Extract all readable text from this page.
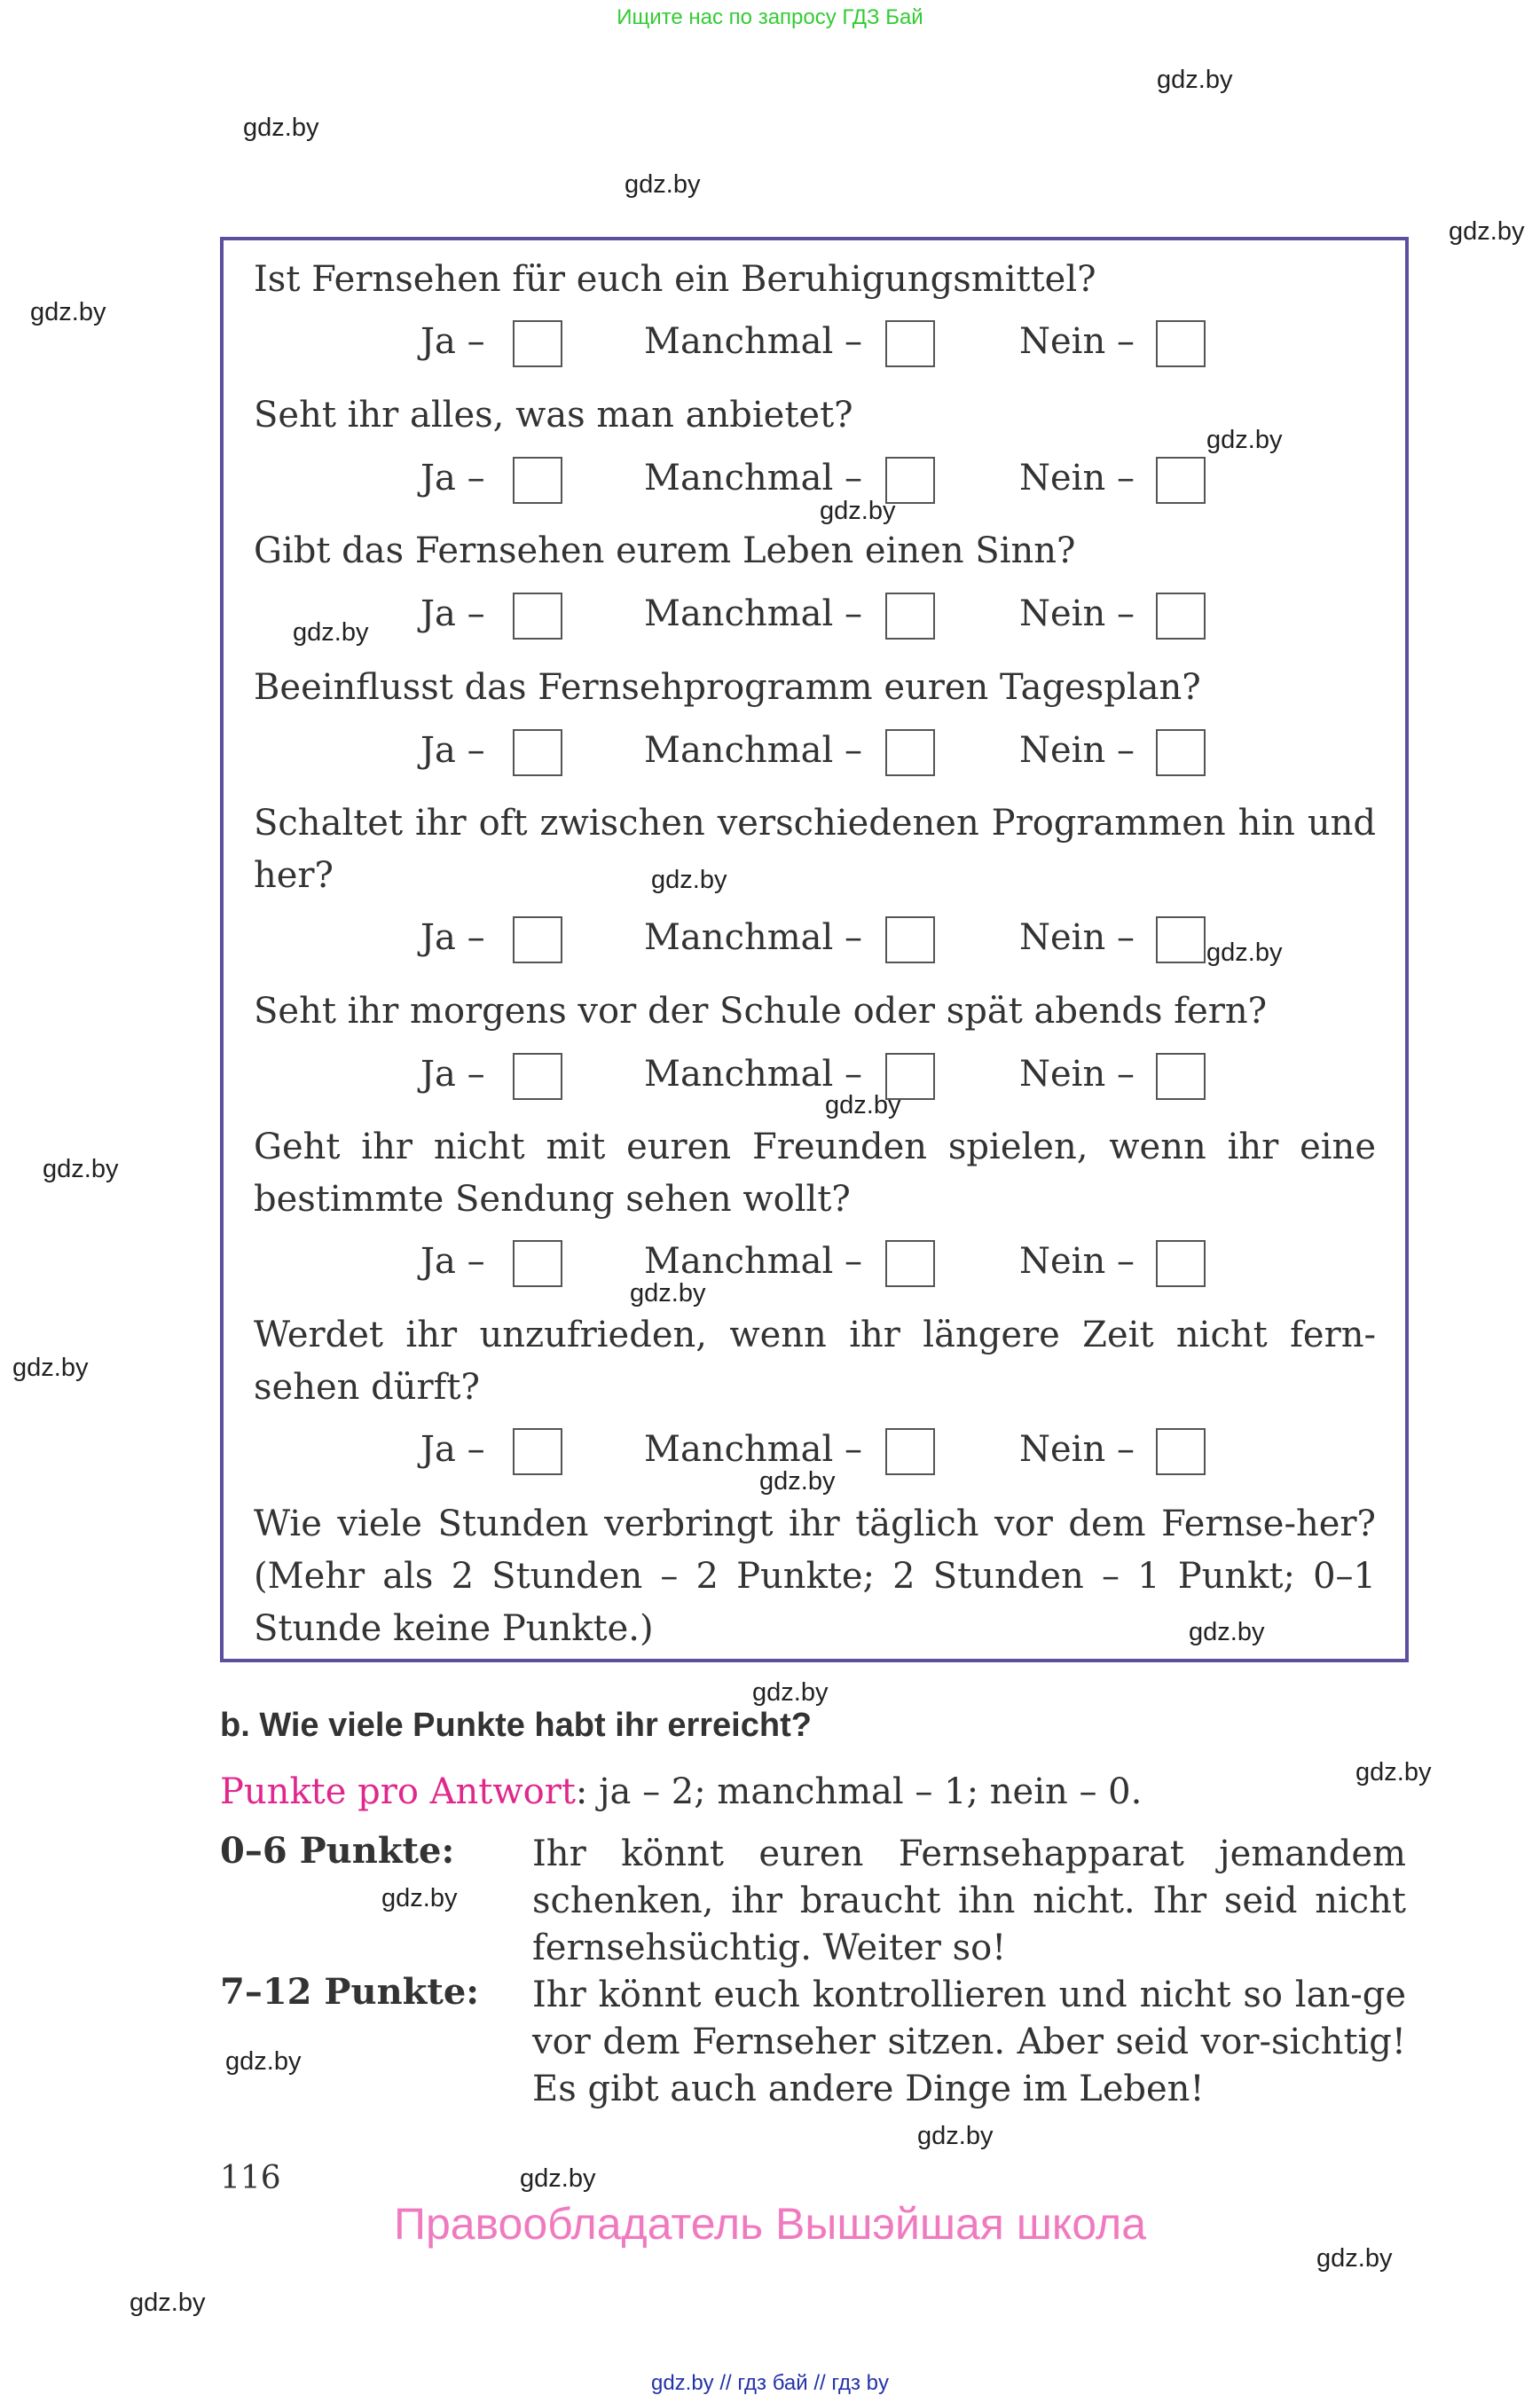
Ищите нас по запросу ГДЗ Бай
Ist Fernsehen für euch ein Beruhigungsmittel?
Ja –	Manchmal –	Nein –
Seht ihr alles, was man anbietet?
Ja –	Manchmal –	Nein –
Gibt das Fernsehen eurem Leben einen Sinn?
Ja –	Manchmal –	Nein –
Beeinflusst das Fernsehprogramm euren Tagesplan?
Ja –	Manchmal –	Nein –
Schaltet ihr oft zwischen verschiedenen Programmen hin und her?
Ja –	Manchmal –	Nein –
Seht ihr morgens vor der Schule oder spät abends fern?
Ja –	Manchmal –	Nein –
Geht ihr nicht mit euren Freunden spielen, wenn ihr eine bestimmte Sendung sehen wollt?
Ja –	Manchmal –	Nein –
Werdet ihr unzufrieden, wenn ihr längere Zeit nicht fern-sehen dürft?
Ja –	Manchmal –	Nein –
Wie viele Stunden verbringt ihr täglich vor dem Fernse-her? (Mehr als 2 Stunden – 2 Punkte; 2 Stunden – 1 Punkt; 0–1 Stunde keine Punkte.)
b. Wie viele Punkte habt ihr erreicht?
Punkte pro Antwort: ja – 2; manchmal – 1; nein – 0.
0–6 Punkte: Ihr könnt euren Fernsehapparat jemandem schenken, ihr braucht ihn nicht. Ihr seid nicht fernsehsüchtig. Weiter so!
7–12 Punkte: Ihr könnt euch kontrollieren und nicht so lan-ge vor dem Fernseher sitzen. Aber seid vor-sichtig! Es gibt auch andere Dinge im Leben!
116
Правообладатель Вышэйшая школа
gdz.by // гдз бай // гдз by
gdz.by
gdz.by
gdz.by
gdz.by
gdz.by
gdz.by
gdz.by
gdz.by
gdz.by
gdz.by
gdz.by
gdz.by
gdz.by
gdz.by
gdz.by
gdz.by
gdz.by
gdz.by
gdz.by
gdz.by
gdz.by
gdz.by
gdz.by
gdz.by
